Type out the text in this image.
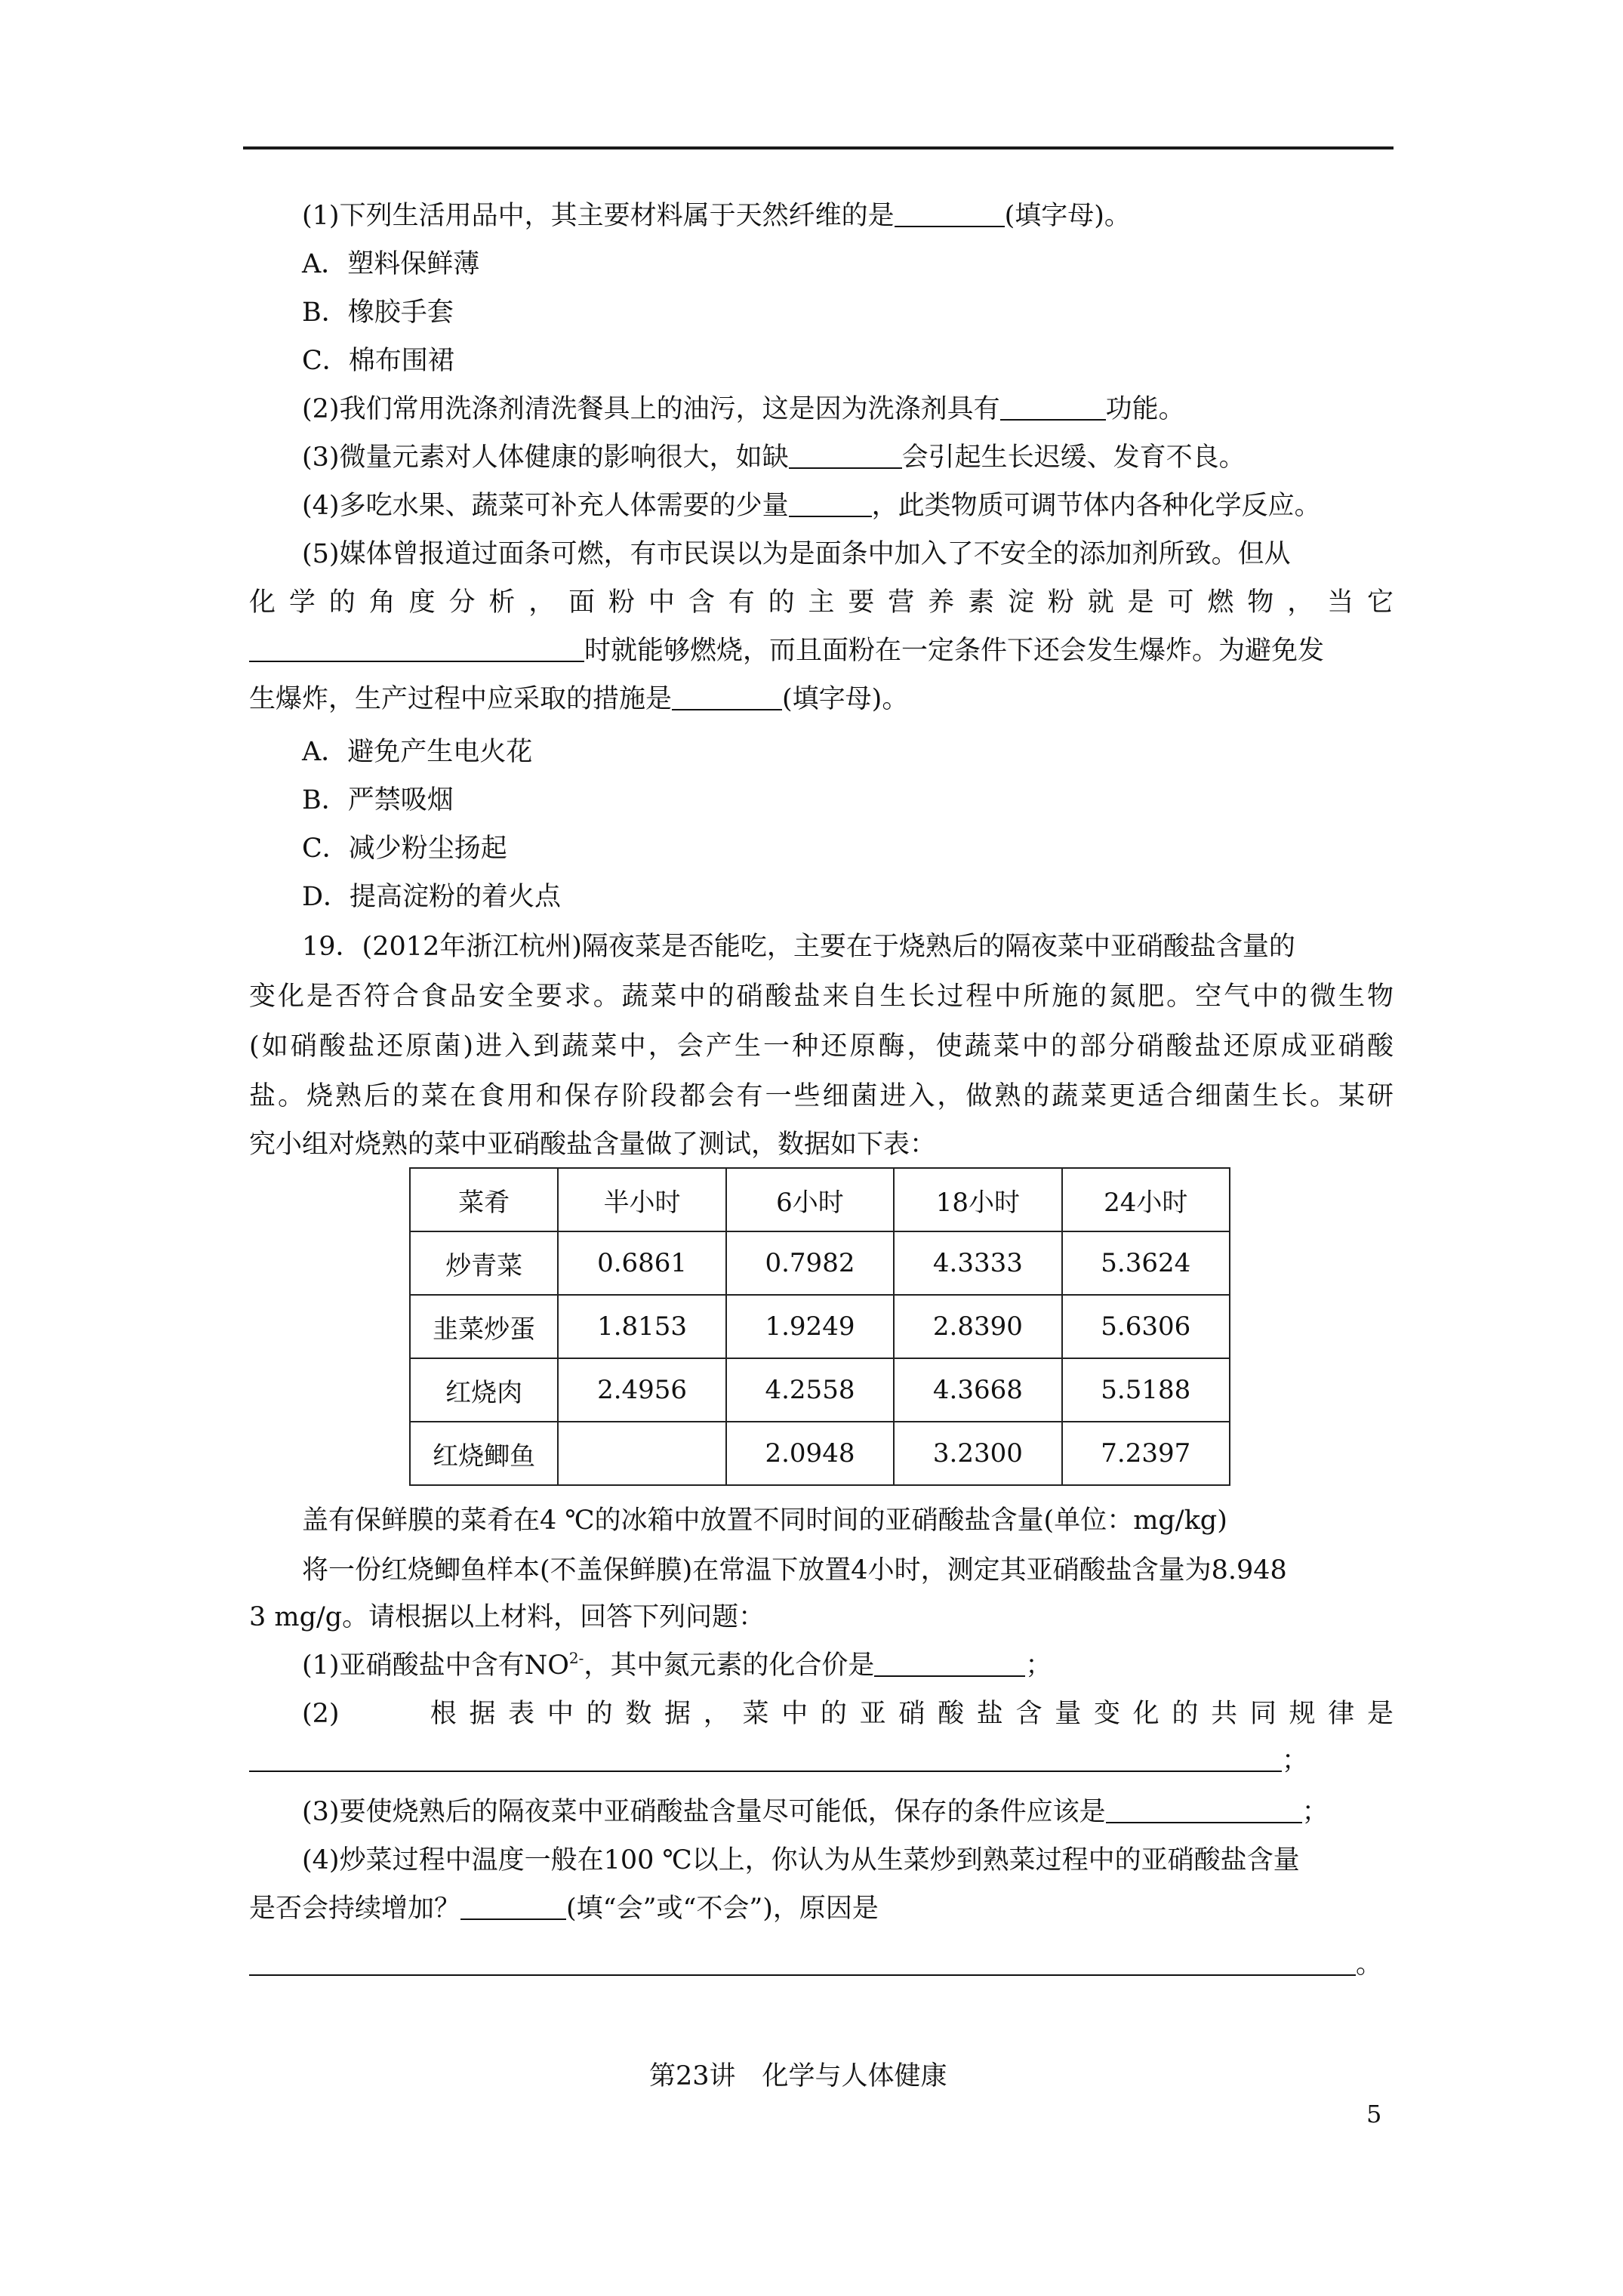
(1)下列生活用品中，其主要材料属于天然纤维的是	(填字母)。
A．塑料保鲜薄
B．橡胶手套
C．棉布围裙
(2)我们常用洗涤剂清洗餐具上的油污，这是因为洗涤剂具有	功能。
(3)微量元素对人体健康的影响很大，如缺	会引起生长迟缓、发育不良。
(4)多吃水果、蔬菜可补充人体需要的少量	，此类物质可调节体内各种化学反应。
(5)媒体曾报道过面条可燃，有市民误以为是面条中加入了不安全的添加剂所致。但从
化学的角度分析，面粉中含有的主要营养素淀粉就是可燃物，当它
时就能够燃烧，而且面粉在一定条件下还会发生爆炸。为避免发
生爆炸，生产过程中应采取的措施是	(填字母)。
A．避免产生电火花
B．严禁吸烟
C．减少粉尘扬起
D．提高淀粉的着火点
19．(2012年浙江杭州)隔夜菜是否能吃，主要在于烧熟后的隔夜菜中亚硝酸盐含量的
变化是否符合食品安全要求。蔬菜中的硝酸盐来自生长过程中所施的氮肥。空气中的微生物
(如硝酸盐还原菌)进入到蔬菜中，会产生一种还原酶，使蔬菜中的部分硝酸盐还原成亚硝酸
盐。烧熟后的菜在食用和保存阶段都会有一些细菌进入，做熟的蔬菜更适合细菌生长。某研
究小组对烧熟的菜中亚硝酸盐含量做了测试，数据如下表：
菜肴	半小时	6小时	18小时	24小时
炒青菜	0.6861	0.7982	4.3333	5.3624
韭菜炒蛋	1.8153	1.9249	2.8390	5.6306
红烧肉	2.4956	4.2558	4.3668	5.5188
红烧鲫鱼		2.0948	3.2300	7.2397
盖有保鲜膜的菜肴在4 ℃的冰箱中放置不同时间的亚硝酸盐含量(单位：mg/kg)
将一份红烧鲫鱼样本(不盖保鲜膜)在常温下放置4小时，测定其亚硝酸盐含量为8.948
3 mg/g。请根据以上材料，回答下列问题：
(1)亚硝酸盐中含有$NO^{2-}$，其中氮元素的化合价是	；
(2)　　根据表中的数据，菜中的亚硝酸盐含量变化的共同规律是
；
(3)要使烧熟后的隔夜菜中亚硝酸盐含量尽可能低，保存的条件应该是	；
(4)炒菜过程中温度一般在100 ℃以上，你认为从生菜炒到熟菜过程中的亚硝酸盐含量
是否会持续增加？	(填“会”或“不会”)，原因是
。
第23讲　化学与人体健康
5
